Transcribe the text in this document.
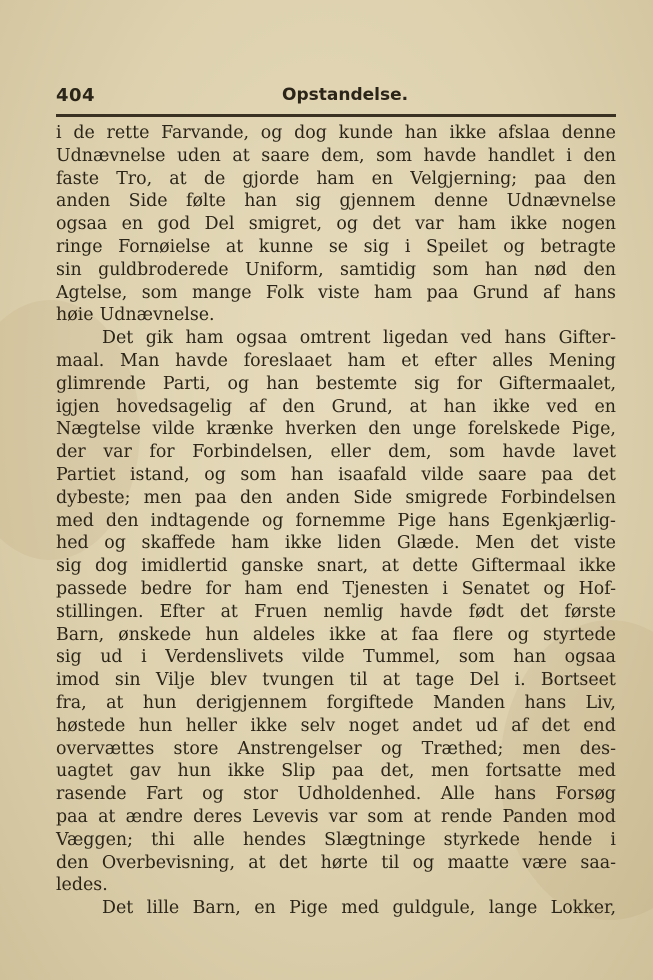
404	Opstandelse.
i de rette Farvande, og dog kunde han ikke afslaa denne
Udnævnelse uden at saare dem, som havde handlet i den
faste Tro, at de gjorde ham en Velgjerning; paa den
anden Side følte han sig gjennem denne Udnævnelse
ogsaa en god Del smigret, og det var ham ikke nogen
ringe Fornøielse at kunne se sig i Speilet og betragte
sin guldbroderede Uniform, samtidig som han nød den
Agtelse, som mange Folk viste ham paa Grund af hans
høie Udnævnelse.
Det gik ham ogsaa omtrent ligedan ved hans Gifter-
maal. Man havde foreslaaet ham et efter alles Mening
glimrende Parti, og han bestemte sig for Giftermaalet,
igjen hovedsagelig af den Grund, at han ikke ved en
Nægtelse vilde krænke hverken den unge forelskede Pige,
der var for Forbindelsen, eller dem, som havde lavet
Partiet istand, og som han isaafald vilde saare paa det
dybeste; men paa den anden Side smigrede Forbindelsen
med den indtagende og fornemme Pige hans Egenkjærlig-
hed og skaffede ham ikke liden Glæde. Men det viste
sig dog imidlertid ganske snart, at dette Giftermaal ikke
passede bedre for ham end Tjenesten i Senatet og Hof-
stillingen. Efter at Fruen nemlig havde født det første
Barn, ønskede hun aldeles ikke at faa flere og styrtede
sig ud i Verdenslivets vilde Tummel, som han ogsaa
imod sin Vilje blev tvungen til at tage Del i. Bortseet
fra, at hun derigjennem forgiftede Manden hans Liv,
høstede hun heller ikke selv noget andet ud af det end
overvættes store Anstrengelser og Træthed; men des-
uagtet gav hun ikke Slip paa det, men fortsatte med
rasende Fart og stor Udholdenhed. Alle hans Forsøg
paa at ændre deres Levevis var som at rende Panden mod
Væggen; thi alle hendes Slægtninge styrkede hende i
den Overbevisning, at det hørte til og maatte være saa-
ledes.
Det lille Barn, en Pige med guldgule, lange Lokker,
